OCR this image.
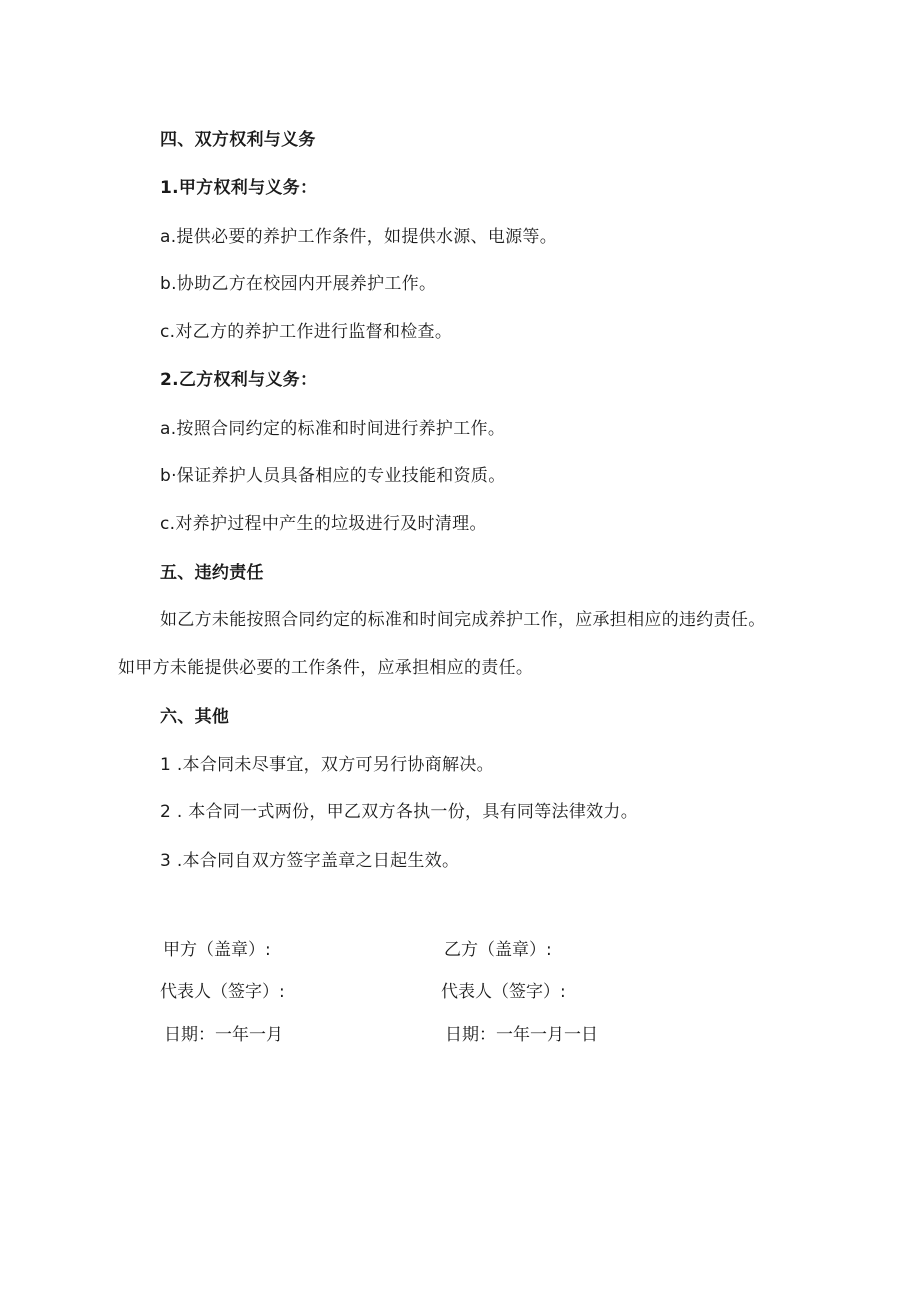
四、双方权利与义务
1.甲方权利与义务：
a.提供必要的养护工作条件，如提供水源、电源等。
b.协助乙方在校园内开展养护工作。
c.对乙方的养护工作进行监督和检查。
2.乙方权利与义务：
a.按照合同约定的标准和时间进行养护工作。
b·保证养护人员具备相应的专业技能和资质。
c.对养护过程中产生的垃圾进行及时清理。
五、违约责任
如乙方未能按照合同约定的标准和时间完成养护工作，应承担相应的违约责任。如甲方未能提供必要的工作条件，应承担相应的责任。
六、其他
1 .本合同未尽事宜，双方可另行协商解决。
2 . 本合同一式两份，甲乙双方各执一份，具有同等法律效力。
3 .本合同自双方签字盖章之日起生效。
甲方（盖章）:	乙方（盖章）:
代表人（签字）:	代表人（签字）:
日期：一年一月	日期：一年一月一日
